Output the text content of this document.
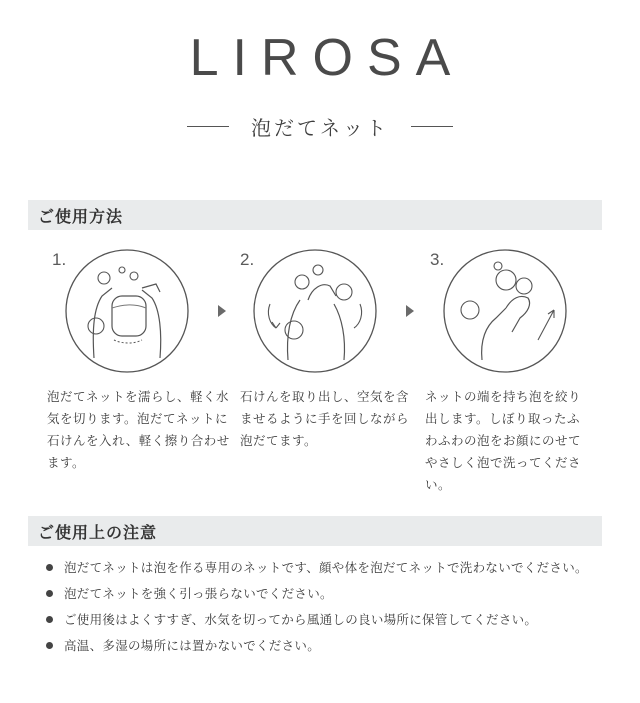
LIROSA
泡だてネット
ご使用方法
1.
泡だてネットを濡らし、軽く水気を切ります。泡だてネットに石けんを入れ、軽く擦り合わせます。
2.
石けんを取り出し、空気を含ませるように手を回しながら泡だてます。
3.
ネットの端を持ち泡を絞り出します。しぼり取ったふわふわの泡をお顔にのせてやさしく泡で洗ってください。
ご使用上の注意
泡だてネットは泡を作る専用のネットです、顔や体を泡だてネットで洗わないでください。
泡だてネットを強く引っ張らないでください。
ご使用後はよくすすぎ、水気を切ってから風通しの良い場所に保管してください。
高温、多湿の場所には置かないでください。
